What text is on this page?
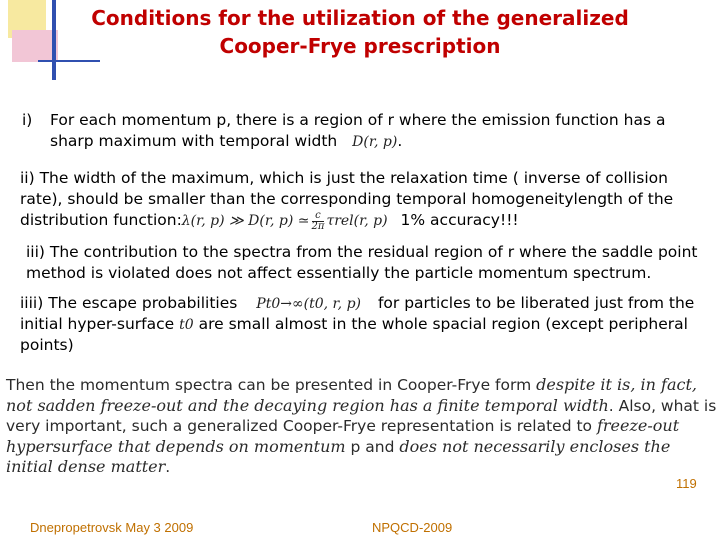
Conditions for the utilization of the generalized
Cooper-Frye prescription
i) For each momentum p, there is a region of r where the emission function has a
sharp maximum with temporal width D(r, p).
ii) The width of the maximum, which is just the relaxation time ( inverse of collision
rate), should be smaller than the corresponding temporal homogeneitylength of the
distribution function:λ(r, p) ≫ D(r, p) ≃ $\frac{c}{2\pi} \tau rel(r$, p) 1% accuracy!!!
iii) The contribution to the spectra from the residual region of r where the saddle point
method is violated does not affect essentially the particle momentum spectrum.
iiii) The escape probabilities Pt0→∞(t0, r, p) for particles to be liberated just from the
initial hyper-surface t0 are small almost in the whole spacial region (except peripheral
points)
Then the momentum spectra can be presented in Cooper-Frye form despite it is, in fact, not sadden freeze-out and the decaying region has a finite temporal width. Also, what is very important, such a generalized Cooper-Frye representation is related to freeze-out hypersurface that depends on momentum p and does not necessarily encloses the initial dense matter.
119
Dnepropetrovsk May 3 2009	NPQCD-2009
